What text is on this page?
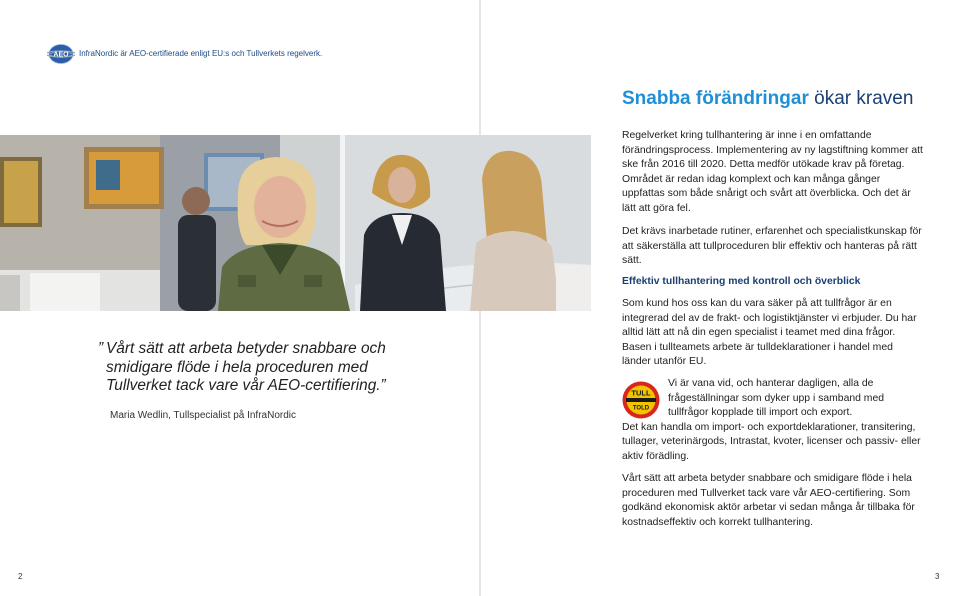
AEO InfraNordic är AEO-certifierade enligt EU:s och Tullverkets regelverk.
” Vårt sätt att arbeta betyder snabbare och smidigare flöde i hela proceduren med Tullverket tack vare vår AEO-certifiering.”
Maria Wedlin, Tullspecialist på InfraNordic
2
Snabba förändringar ökar kraven

Regelverket kring tullhantering är inne i en omfattande förändringsprocess. Implementering av ny lagstiftning kommer att ske från 2016 till 2020. Detta medför utökade krav på företag. Området är redan idag komplext och kan många gånger uppfattas som både snårigt och svårt att överblicka. Och det är lätt att göra fel.

Det krävs inarbetade rutiner, erfarenhet och specialistkunskap för att säkerställa att tullproceduren blir effektiv och hanteras på rätt sätt.

Effektiv tullhantering med kontroll och överblick

Som kund hos oss kan du vara säker på att tullfrågor är en integrerad del av de frakt- och logistiktjänster vi erbjuder. Du har alltid lätt att nå din egen specialist i teamet med dina frågor. Basen i tullteamets arbete är tulldeklarationer i handel med länder utanför EU.

TULL
TOLD

Vi är vana vid, och hanterar dagligen, alla de frågeställningar som dyker upp i samband med tullfrågor kopplade till import och export.
Det kan handla om import- och exportdeklarationer, transitering, tullager, veterinärgods, Intrastat, kvoter, licenser och passiv- eller aktiv förädling.

Vårt sätt att arbeta betyder snabbare och smidigare flöde i hela proceduren med Tullverket tack vare vår AEO-certifiering. Som godkänd ekonomisk aktör arbetar vi sedan många år tillbaka för kostnadseffektiv och korrekt tullhantering.

3
